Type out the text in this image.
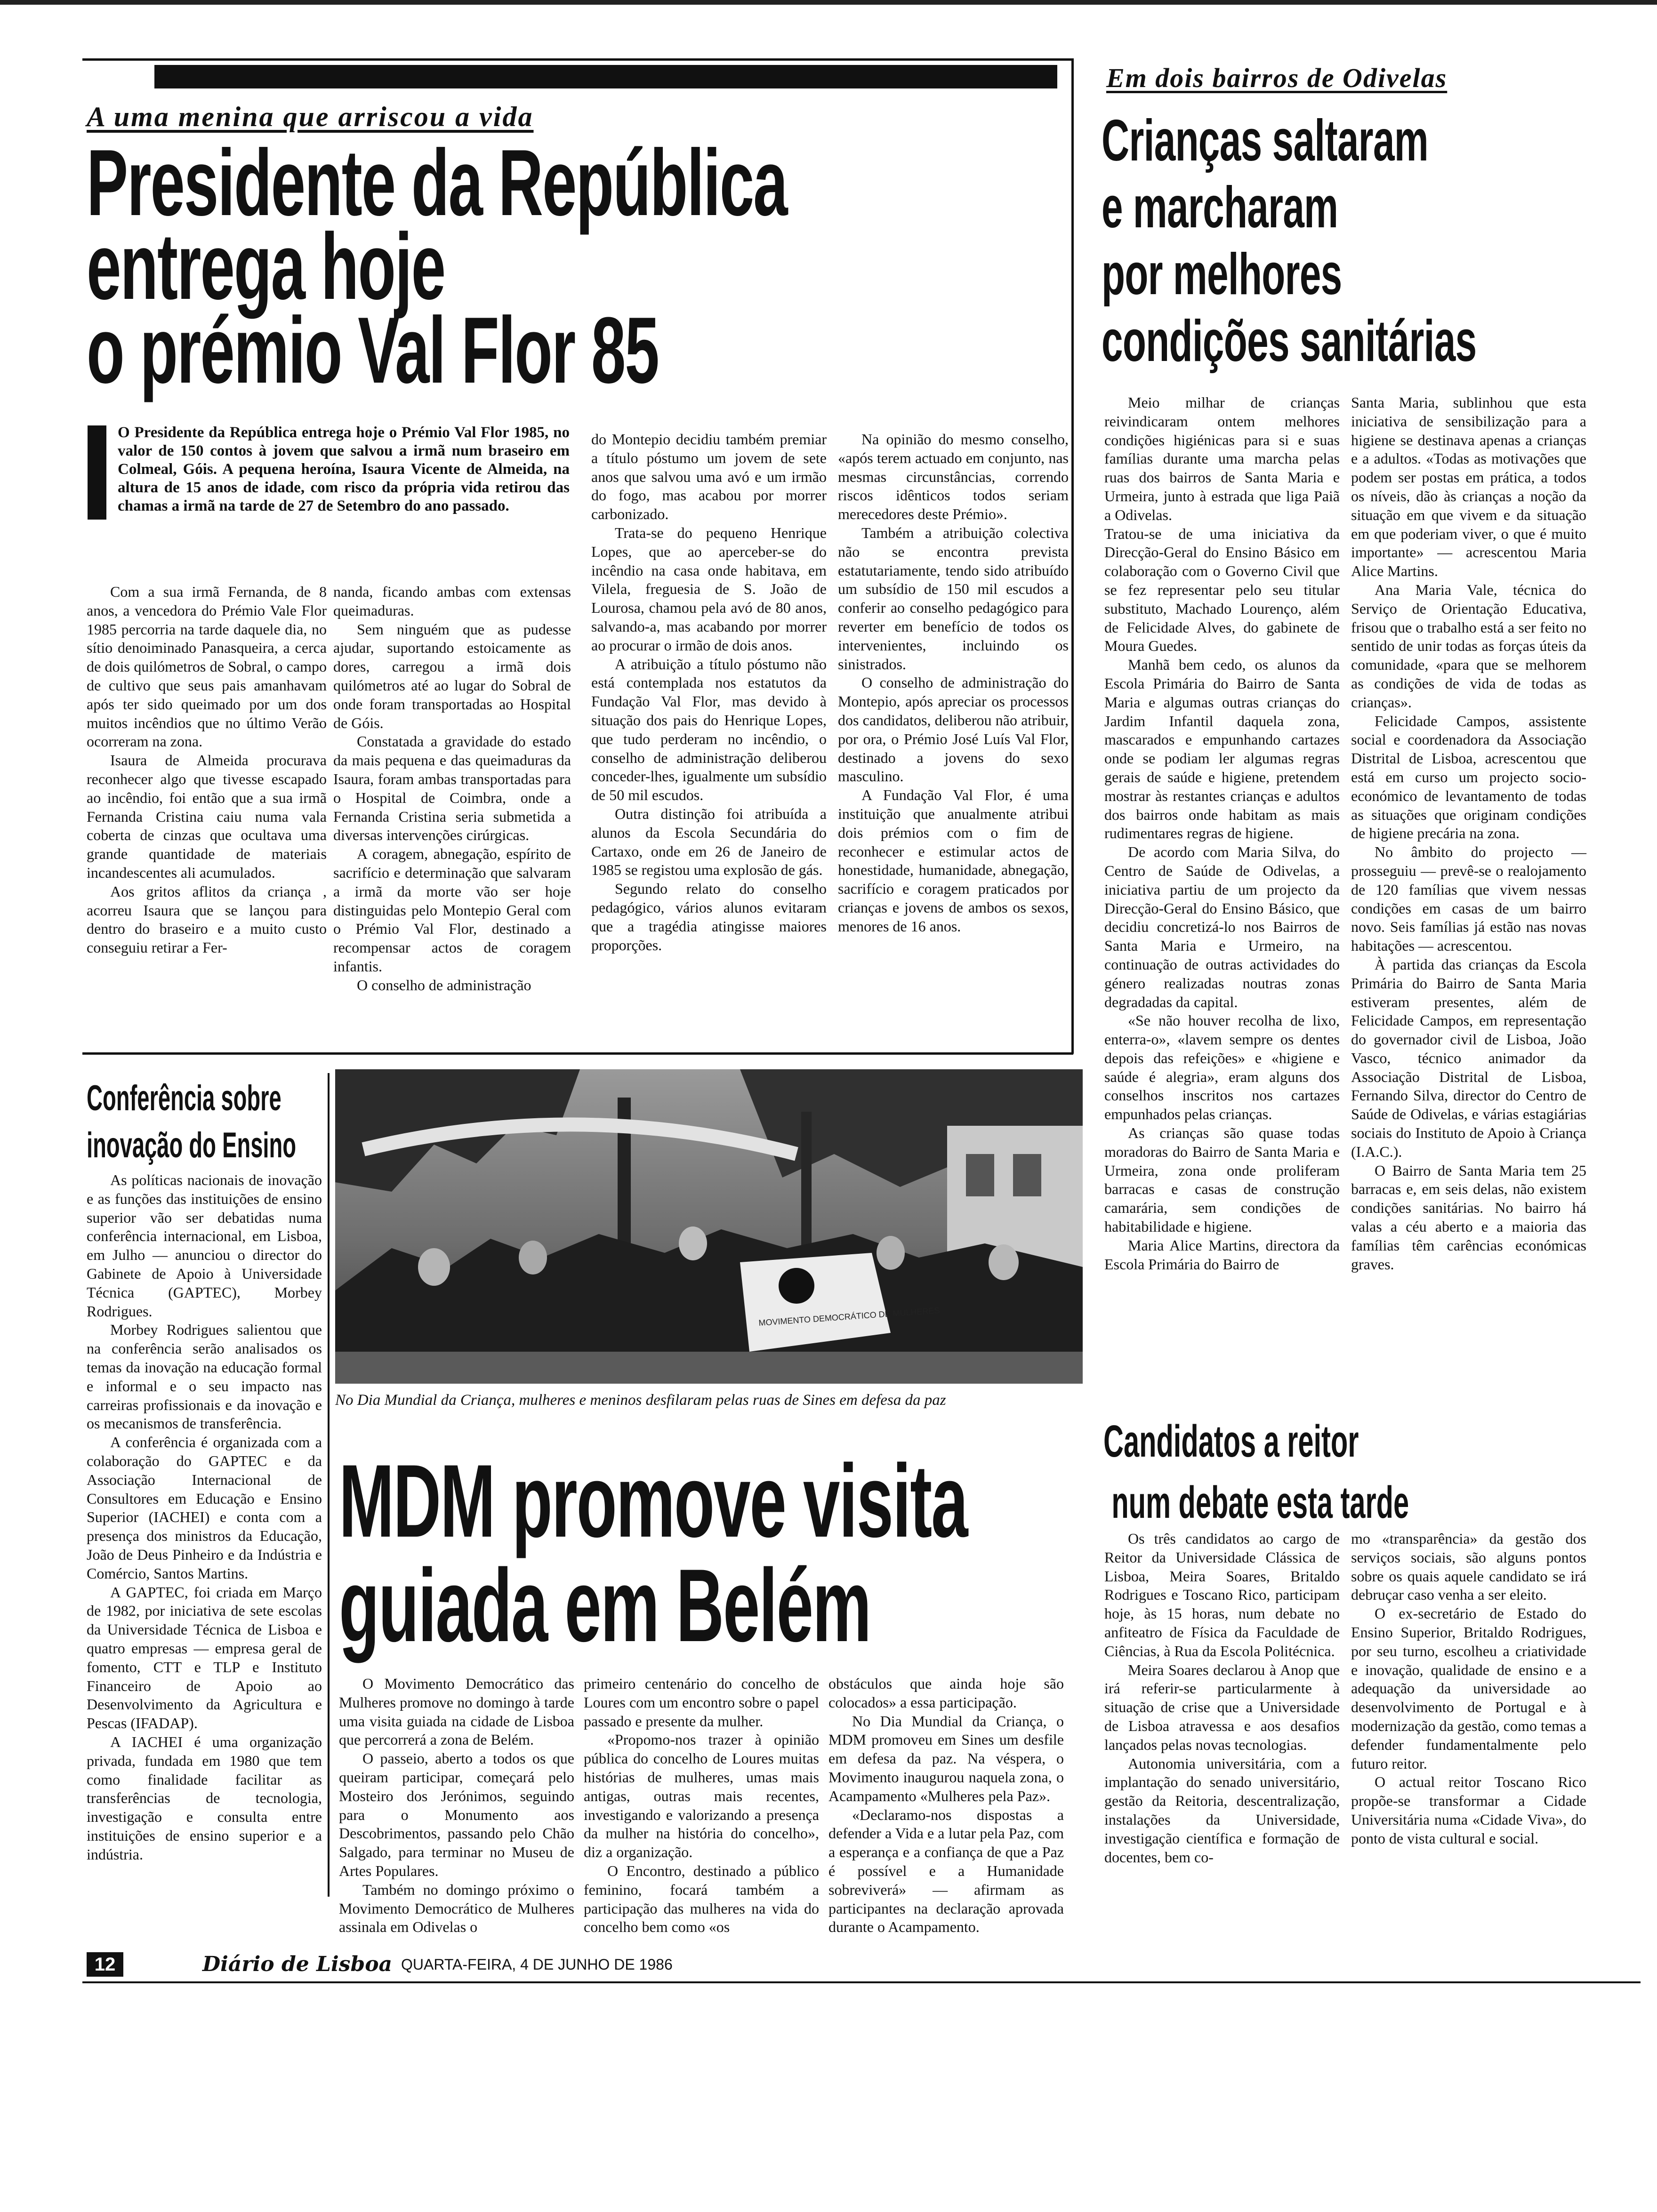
A uma menina que arriscou a vida
Presidente da República
entrega hoje
o prémio Val Flor 85
O Presidente da República entrega hoje o Prémio Val Flor 1985, no valor de 150 contos à jovem que salvou a irmã num braseiro em Colmeal, Góis. A pequena heroína, Isaura Vicente de Almeida, na altura de 15 anos de idade, com risco da própria vida retirou das chamas a irmã na tarde de 27 de Setembro do ano passado.

Com a sua irmã Fernanda, de 8 anos, a vencedora do Prémio Vale Flor 1985 percorria na tarde daquele dia, no sítio denoiminado Panasqueira, a cerca de dois quilómetros de Sobral, o campo de cultivo que seus pais amanhavam após ter sido queimado por um dos muitos incêndios que no último Verão ocorreram na zona.

Isaura de Almeida procurava reconhecer algo que tivesse escapado ao incêndio, foi então que a sua irmã Fernanda Cristina caiu numa vala coberta de cinzas que ocultava uma grande quantidade de materiais incandescentes ali acumulados.

Aos gritos aflitos da criança , acorreu Isaura que se lançou para dentro do braseiro e a muito custo conseguiu retirar a Fer-

nanda, ficando ambas com extensas queimaduras.

Sem ninguém que as pudesse ajudar, suportando estoicamente as dores, carregou a irmã dois quilómetros até ao lugar do Sobral de onde foram transportadas ao Hospital de Góis.

Constatada a gravidade do estado da mais pequena e das queimaduras da Isaura, foram ambas transportadas para o Hospital de Coimbra, onde a Fernanda Cristina seria submetida a diversas intervenções cirúrgicas.

A coragem, abnegação, espírito de sacrifício e determinação que salvaram a irmã da morte vão ser hoje distinguidas pelo Montepio Geral com o Prémio Val Flor, destinado a recompensar actos de coragem infantis.

O conselho de administração

do Montepio decidiu também premiar a título póstumo um jovem de sete anos que salvou uma avó e um irmão do fogo, mas acabou por morrer carbonizado.

Trata-se do pequeno Henrique Lopes, que ao aperceber-se do incêndio na casa onde habitava, em Vilela, freguesia de S. João de Lourosa, chamou pela avó de 80 anos, salvando-a, mas acabando por morrer ao procurar o irmão de dois anos.

A atribuição a título póstumo não está contemplada nos estatutos da Fundação Val Flor, mas devido à situação dos pais do Henrique Lopes, que tudo perderam no incêndio, o conselho de administração deliberou conceder-lhes, igualmente um subsídio de 50 mil escudos.

Outra distinção foi atribuída a alunos da Escola Secundária do Cartaxo, onde em 26 de Janeiro de 1985 se registou uma explosão de gás.

Segundo relato do conselho pedagógico, vários alunos evitaram que a tragédia atingisse maiores proporções.

Na opinião do mesmo conselho, «após terem actuado em conjunto, nas mesmas circunstâncias, correndo riscos idênticos todos seriam merecedores deste Prémio».

Também a atribuição colectiva não se encontra prevista estatutariamente, tendo sido atribuído um subsídio de 150 mil escudos a conferir ao conselho pedagógico para reverter em benefício de todos os intervenientes, incluindo os sinistrados.

O conselho de administração do Montepio, após apreciar os processos dos candidatos, deliberou não atribuir, por ora, o Prémio José Luís Val Flor, destinado a jovens do sexo masculino.

A Fundação Val Flor, é uma instituição que anualmente atribui dois prémios com o fim de reconhecer e estimular actos de honestidade, humanidade, abnegação, sacrifício e coragem praticados por crianças e jovens de ambos os sexos, menores de 16 anos.

Em dois bairros de Odivelas
Crianças saltaram
e marcharam
por melhores
condições sanitárias

Meio milhar de crianças reivindicaram ontem melhores condições higiénicas para si e suas famílias durante uma marcha pelas ruas dos bairros de Santa Maria e Urmeira, junto à estrada que liga Paiã a Odivelas.

Tratou-se de uma iniciativa da Direcção-Geral do Ensino Básico em colaboração com o Governo Civil que se fez representar pelo seu titular substituto, Machado Lourenço, além de Felicidade Alves, do gabinete de Moura Guedes.

Manhã bem cedo, os alunos da Escola Primária do Bairro de Santa Maria e algumas outras crianças do Jardim Infantil daquela zona, mascarados e empunhando cartazes onde se podiam ler algumas regras gerais de saúde e higiene, pretendem mostrar às restantes crianças e adultos dos bairros onde habitam as mais rudimentares regras de higiene.

De acordo com Maria Silva, do Centro de Saúde de Odivelas, a iniciativa partiu de um projecto da Direcção-Geral do Ensino Básico, que decidiu concretizá-lo nos Bairros de Santa Maria e Urmeiro, na continuação de outras actividades do género realizadas noutras zonas degradadas da capital.

«Se não houver recolha de lixo, enterra-o», «lavem sempre os dentes depois das refeições» e «higiene e saúde é alegria», eram alguns dos conselhos inscritos nos cartazes empunhados pelas crianças.

As crianças são quase todas moradoras do Bairro de Santa Maria e Urmeira, zona onde proliferam barracas e casas de construção camarária, sem condições de habitabilidade e higiene.

Maria Alice Martins, directora da Escola Primária do Bairro de

Santa Maria, sublinhou que esta iniciativa de sensibilização para a higiene se destinava apenas a crianças e a adultos. «Todas as motivações que podem ser postas em prática, a todos os níveis, dão às crianças a noção da situação em que vivem e da situação em que poderiam viver, o que é muito importante» — acrescentou Maria Alice Martins.

Ana Maria Vale, técnica do Serviço de Orientação Educativa, frisou que o trabalho está a ser feito no sentido de unir todas as forças úteis da comunidade, «para que se melhorem as condições de vida de todas as crianças».

Felicidade Campos, assistente social e coordenadora da Associação Distrital de Lisboa, acrescentou que está em curso um projecto socio-económico de levantamento de todas as situações que originam condições de higiene precária na zona.

No âmbito do projecto — prosseguiu — prevê-se o realojamento de 120 famílias que vivem nessas condições em casas de um bairro novo. Seis famílias já estão nas novas habitações — acrescentou.

À partida das crianças da Escola Primária do Bairro de Santa Maria estiveram presentes, além de Felicidade Campos, em representação do governador civil de Lisboa, João Vasco, técnico animador da Associação Distrital de Lisboa, Fernando Silva, director do Centro de Saúde de Odivelas, e várias estagiárias sociais do Instituto de Apoio à Criança (I.A.C.).

O Bairro de Santa Maria tem 25 barracas e, em seis delas, não existem condições sanitárias. No bairro há valas a céu aberto e a maioria das famílias têm carências económicas graves.

Conferência sobre
inovação do Ensino

As políticas nacionais de inovação e as funções das instituições de ensino superior vão ser debatidas numa conferência internacional, em Lisboa, em Julho — anunciou o director do Gabinete de Apoio à Universidade Técnica (GAPTEC), Morbey Rodrigues.

Morbey Rodrigues salientou que na conferência serão analisados os temas da inovação na educação formal e informal e o seu impacto nas carreiras profissionais e da inovação e os mecanismos de transferência.

A conferência é organizada com a colaboração do GAPTEC e da Associação Internacional de Consultores em Educação e Ensino Superior (IACHEI) e conta com a presença dos ministros da Educação, João de Deus Pinheiro e da Indústria e Comércio, Santos Martins.

A GAPTEC, foi criada em Março de 1982, por iniciativa de sete escolas da Universidade Técnica de Lisboa e quatro empresas — empresa geral de fomento, CTT e TLP e Instituto Financeiro de Apoio ao Desenvolvimento da Agricultura e Pescas (IFADAP).

A IACHEI é uma organização privada, fundada em 1980 que tem como finalidade facilitar as transferências de tecnologia, investigação e consulta entre instituições de ensino superior e a indústria.

MOVIMENTO DEMOCRÁTICO DE MULHERES
No Dia Mundial da Criança, mulheres e meninos desfilaram pelas ruas de Sines em defesa da paz
MDM promove visita
guiada em Belém

O Movimento Democrático das Mulheres promove no domingo à tarde uma visita guiada na cidade de Lisboa que percorrerá a zona de Belém.

O passeio, aberto a todos os que queiram participar, começará pelo Mosteiro dos Jerónimos, seguindo para o Monumento aos Descobrimentos, passando pelo Chão Salgado, para terminar no Museu de Artes Populares.

Também no domingo próximo o Movimento Democrático de Mulheres assinala em Odivelas o

primeiro centenário do concelho de Loures com um encontro sobre o papel passado e presente da mulher.

«Propomo-nos trazer à opinião pública do concelho de Loures muitas histórias de mulheres, umas mais antigas, outras mais recentes, investigando e valorizando a presença da mulher na história do concelho», diz a organização.

O Encontro, destinado a público feminino, focará também a participação das mulheres na vida do concelho bem como «os

obstáculos que ainda hoje são colocados» a essa participação.

No Dia Mundial da Criança, o MDM promoveu em Sines um desfile em defesa da paz. Na véspera, o Movimento inaugurou naquela zona, o Acampamento «Mulheres pela Paz».

«Declaramo-nos dispostas a defender a Vida e a lutar pela Paz, com a esperança e a confiança de que a Paz é possível e a Humanidade sobreviverá» — afirmam as participantes na declaração aprovada durante o Acampamento.

Candidatos a reitor
num debate esta tarde

Os três candidatos ao cargo de Reitor da Universidade Clássica de Lisboa, Meira Soares, Britaldo Rodrigues e Toscano Rico, participam hoje, às 15 horas, num debate no anfiteatro de Física da Faculdade de Ciências, à Rua da Escola Politécnica.

Meira Soares declarou à Anop que irá referir-se particularmente à situação de crise que a Universidade de Lisboa atravessa e aos desafios lançados pelas novas tecnologias.

Autonomia universitária, com a implantação do senado universitário, gestão da Reitoria, descentralização, instalações da Universidade, investigação científica e formação de docentes, bem co-

mo «transparência» da gestão dos serviços sociais, são alguns pontos sobre os quais aquele candidato se irá debruçar caso venha a ser eleito.

O ex-secretário de Estado do Ensino Superior, Britaldo Rodrigues, por seu turno, escolheu a criatividade e inovação, qualidade de ensino e a adequação da universidade ao desenvolvimento de Portugal e à modernização da gestão, como temas a defender fundamentalmente pelo futuro reitor.

O actual reitor Toscano Rico propõe-se transformar a Cidade Universitária numa «Cidade Viva», do ponto de vista cultural e social.

12	Diário de Lisboa QUARTA-FEIRA, 4 DE JUNHO DE 1986
